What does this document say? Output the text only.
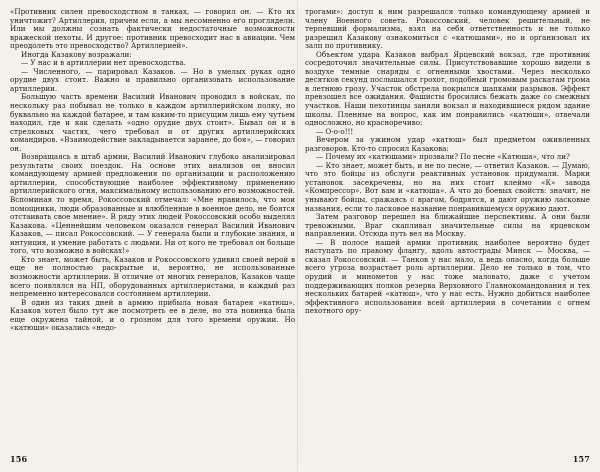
«Противник силен превосходством в танках, — говорил он. — Кто их уничтожит? Артиллерия, причем если, а мы несомненно его проглядели. Или мы должны сознать фактически недостаточные возможности вражеской пехоты. И другое: противник превосходит нас в авиации. Чем преодолеть это превосходство? Артиллерией».

Иногда Казакову возражали:

— У нас и в артиллерии нет превосходства.

— Численного, — парировал Казаков. — Но в умелых руках одно орудие двух стоит. Важно и правильно организовать использование артиллерии.

Большую часть времени Василий Иванович проводил в войсках, по нескольку раз побывал не только в каждом артиллерийском полку, но буквально на каждой батарее, и там каким-то присущим лишь ему чутьем находил, где и как сделать «одно орудие двух стоит». Бывал он и в стрелковых частях, чего требовал и от других артиллерийских командиров. «Взаимодействие закладывается заранее, до боя», — говорил он.

Возвращаясь в штаб армии, Василий Иванович глубоко анализировал результаты своих поездок. На основе этих анализов он вносил командующему армией предложения по организации и расположению артиллерии, способствующие наиболее эффективному применению артиллерийского огня, максимальному использованию его возможностей. Вспоминая то время, Рокоссовский отмечал: «Мне нравилось, что мои помощники, люди образованные и влюбленные в военное дело, не боятся отстаивать свое мнение». В ряду этих людей Рокоссовский особо выделял Казакова. «Ценнейшим человеком оказался генерал Василий Иванович Казаков, — писал Рокоссовский. — У генерала были и глубокие знания, и интуиция, и умение работать с людьми. Ни от кого не требовал он больше того, что возможно в войсках!»

Кто знает, может быть, Казаков и Рокоссовского удивил своей верой в еще не полностью раскрытые и, вероятно, не использованные возможности артиллерии. В отличие от многих генералов, Казаков чаще всего появлялся на НП, оборудованных артиллеристами, и каждый раз непременно интересовался состоянием артиллерии.

В один из таких дней в армию прибыла новая батарея «катюш». Казаков хотел было тут же посмотреть ее в деле, но эта новинка была еще окружена тайной, и о грозном для того времени оружии. Но «катюши» оказались «недо-

156

трогами»: доступ к ним разрешался только командующему армией и члену Военного совета. Рокоссовский, человек решительный, не терпевший формализма, взял на себя ответственность и не только разрешил Казакову ознакомиться с «катюшами», но и организовал их залп по противнику.

Объектом удара Казаков выбрал Ярцевский вокзал, где противник сосредоточил значительные силы. Присутствовавшие хорошо видели в воздухе темные снаряды с огненными хвостами. Через несколько десятков секунд послышался грохот, подобный громовым раскатам грома в летнюю грозу. Участок обстрела покрылся шапками разрывов. Эффект превзошел все ожидания. Фашисты бросились бежать даже со смежных участков. Наши пехотинцы заняли вокзал и находившиеся рядом здание школы. Пленные на вопрос, как им понравились «катюши», отвечали односложно, но красноречиво:

— О-о-о!!!

Вечером за ужином удар «катюш» был предметом оживленных разговоров. Кто-то спросил Казакова:

— Почему их «катюшами» прозвали? По песне «Катюша», что ли?

— Кто знает, может быть, и не по песне, — ответил Казаков. — Думаю, что это бойцы из обслуги реактивных установок придумали. Марки установок засекречены, но на них стоит клеймо «К» завода «Компрессор». Вот вам и «катюша». А что до боевых свойств: значит, не унывают бойцы, сражаясь с врагом, бодрятся, и дают оружию ласковые названия, если то ласковое название понравившемуся оружию дают.

Затем разговор перешел на ближайшие перспективы. А они были тревожными. Враг скапливал значительные силы на ярцевском направлении. Отсюда путь вел на Москву.

— В полосе нашей армии противник наиболее вероятно будет наступать по правому флангу, вдоль автострады Минск — Москва, — сказал Рокоссовский. — Танков у нас мало, а ведь опасно, когда больше всего угроза возрастает роль артиллерии. Дело не только в том, что орудий и минометов у нас тоже маловато, даже с учетом поддерживающих полков резерва Верховного Главнокомандования и тех нескольких батарей «катюш», что у нас есть. Нужно добиться наиболее эффективного использования всей артиллерии в сочетании с огнем пехотного ору-

157
